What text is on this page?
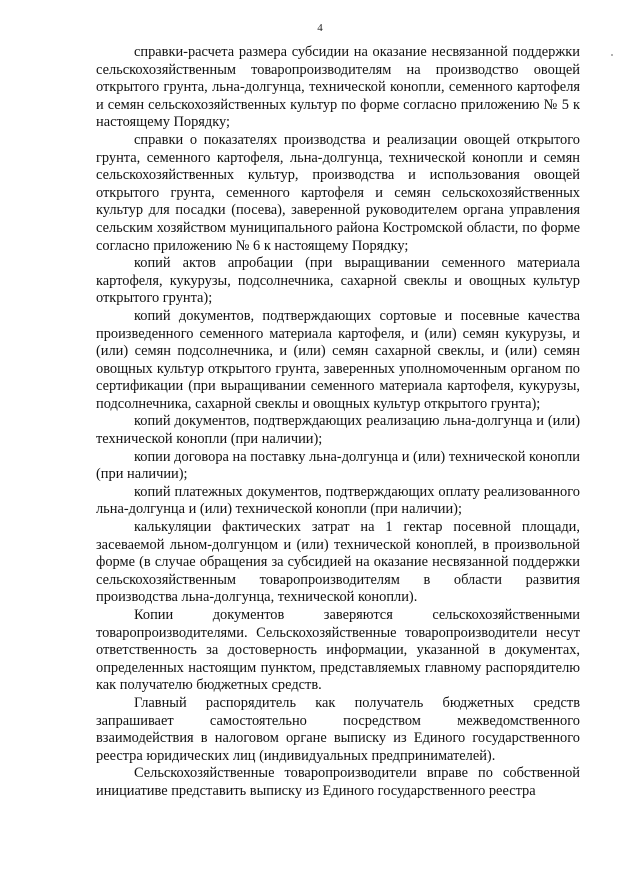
4

справки-расчета размера субсидии на оказание несвязанной поддержки сельскохозяйственным товаропроизводителям на производство овощей открытого грунта, льна-долгунца, технической конопли, семенного картофеля и семян сельскохозяйственных культур по форме согласно приложению № 5 к настоящему Порядку;

справки о показателях производства и реализации овощей открытого грунта, семенного картофеля, льна-долгунца, технической конопли и семян сельскохозяйственных культур, производства и использования овощей открытого грунта, семенного картофеля и семян сельскохозяйственных культур для посадки (посева), заверенной руководителем органа управления сельским хозяйством муниципального района Костромской области, по форме согласно приложению № 6 к настоящему Порядку;

копий актов апробации (при выращивании семенного материала картофеля, кукурузы, подсолнечника, сахарной свеклы и овощных культур открытого грунта);

копий документов, подтверждающих сортовые и посевные качества произведенного семенного материала картофеля, и (или) семян кукурузы, и (или) семян подсолнечника, и (или) семян сахарной свеклы, и (или) семян овощных культур открытого грунта, заверенных уполномоченным органом по сертификации (при выращивании семенного материала картофеля, кукурузы, подсолнечника, сахарной свеклы и овощных культур открытого грунта);

копий документов, подтверждающих реализацию льна-долгунца и (или) технической конопли (при наличии);

копии договора на поставку льна-долгунца и (или) технической конопли (при наличии);

копий платежных документов, подтверждающих оплату реализованного льна-долгунца и (или) технической конопли (при наличии);

калькуляции фактических затрат на 1 гектар посевной площади, засеваемой льном-долгунцом и (или) технической коноплей, в произвольной форме (в случае обращения за субсидией на оказание несвязанной поддержки сельскохозяйственным товаропроизводителям в области развития производства льна-долгунца, технической конопли).

Копии документов заверяются сельскохозяйственными товаропроизводителями. Сельскохозяйственные товаропроизводители несут ответственность за достоверность информации, указанной в документах, определенных настоящим пунктом, представляемых главному распорядителю как получателю бюджетных средств.

Главный распорядитель как получатель бюджетных средств запрашивает самостоятельно посредством межведомственного взаимодействия в налоговом органе выписку из Единого государственного реестра юридических лиц (индивидуальных предпринимателей).

Сельскохозяйственные товаропроизводители вправе по собственной инициативе представить выписку из Единого государственного реестра
